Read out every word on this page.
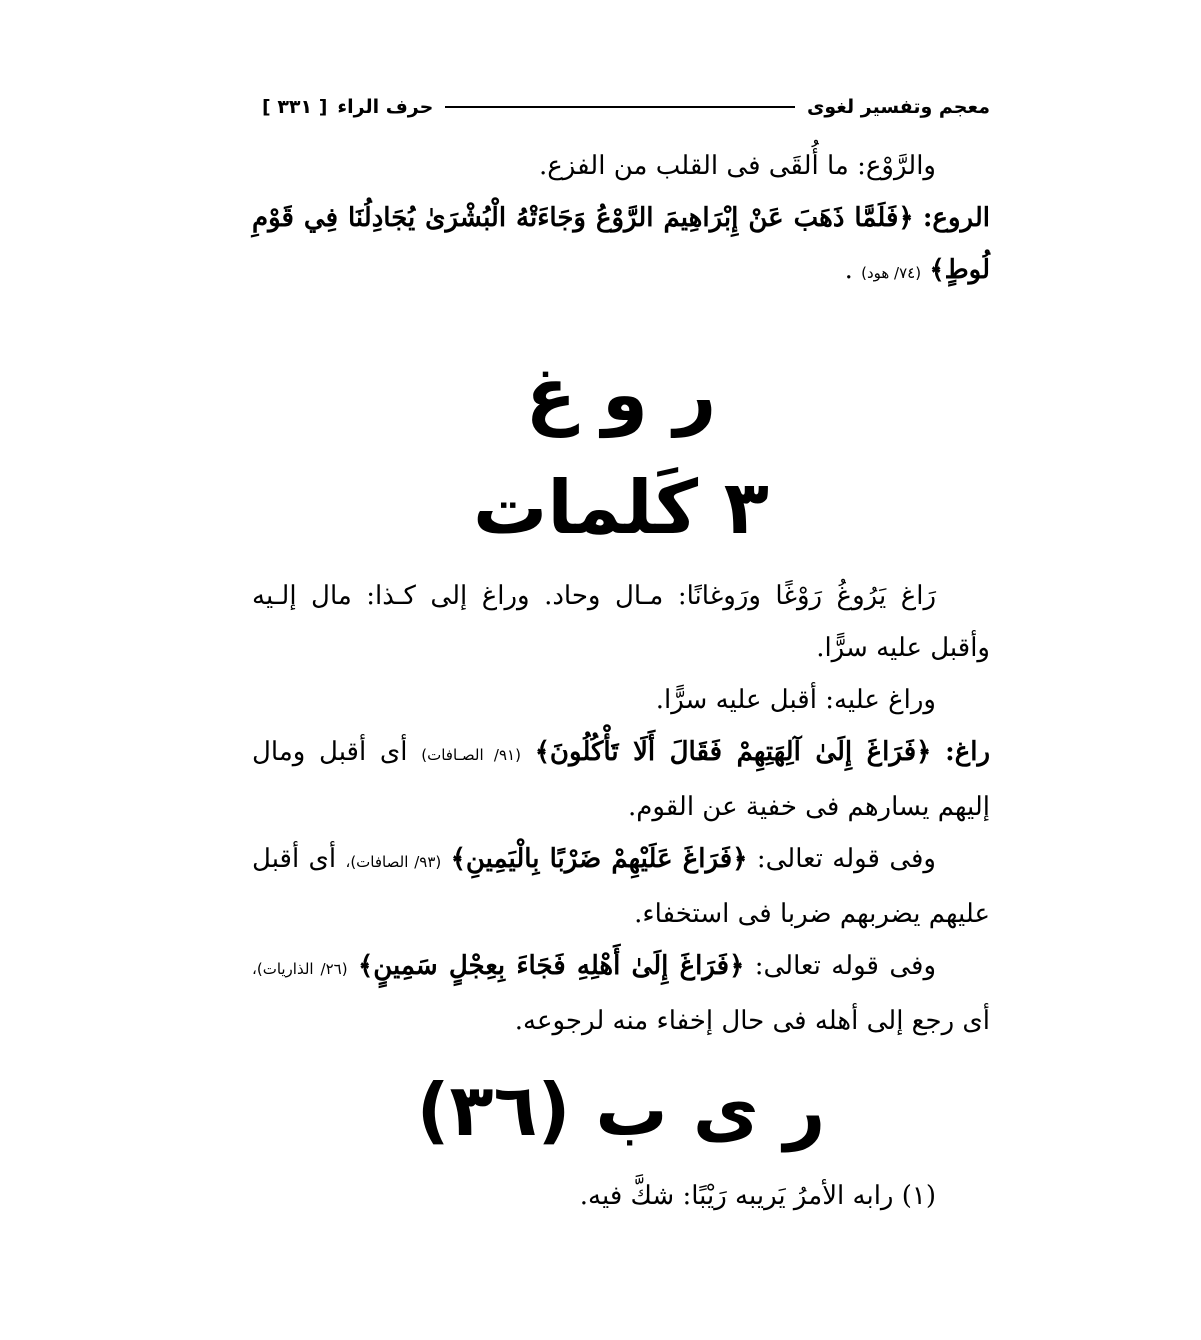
معجم وتفسير لغوى
حرف الراء
[ ٣٣١ ]

والرَّوْع: ما أُلقَى فى القلب من الفزع.

الروع: ﴿فَلَمَّا ذَهَبَ عَنْ إِبْرَاهِيمَ الرَّوْعُ وَجَاءَتْهُ الْبُشْرَىٰ يُجَادِلُنَا فِي قَوْمِ لُوطٍ﴾ (٧٤/ هود) .

ر و غ
٣ كَلمات

رَاغ يَرُوغُ رَوْغًا ورَوغانًا: مـال وحاد. وراغ إلى كـذا: مال إلـيه وأقبل عليه سرًّا.

وراغ عليه: أقبل عليه سرًّا.

راغ: ﴿فَرَاغَ إِلَىٰ آلِهَتِهِمْ فَقَالَ أَلَا تَأْكُلُونَ﴾ (٩١/ الصـافات) أى أقبل ومال إليهم يسارهم فى خفية عن القوم.

وفى قوله تعالى: ﴿فَرَاغَ عَلَيْهِمْ ضَرْبًا بِالْيَمِينِ﴾ (٩٣/ الصافات)، أى أقبل عليهم يضربهم ضربا فى استخفاء.

وفى قوله تعالى: ﴿فَرَاغَ إِلَىٰ أَهْلِهِ فَجَاءَ بِعِجْلٍ سَمِينٍ﴾ (٢٦/ الذاريات)، أى رجع إلى أهله فى حال إخفاء منه لرجوعه.

ر ى ب (٣٦)

(١) رابه الأمرُ يَريبه رَيْبًا: شكَّ فيه.
